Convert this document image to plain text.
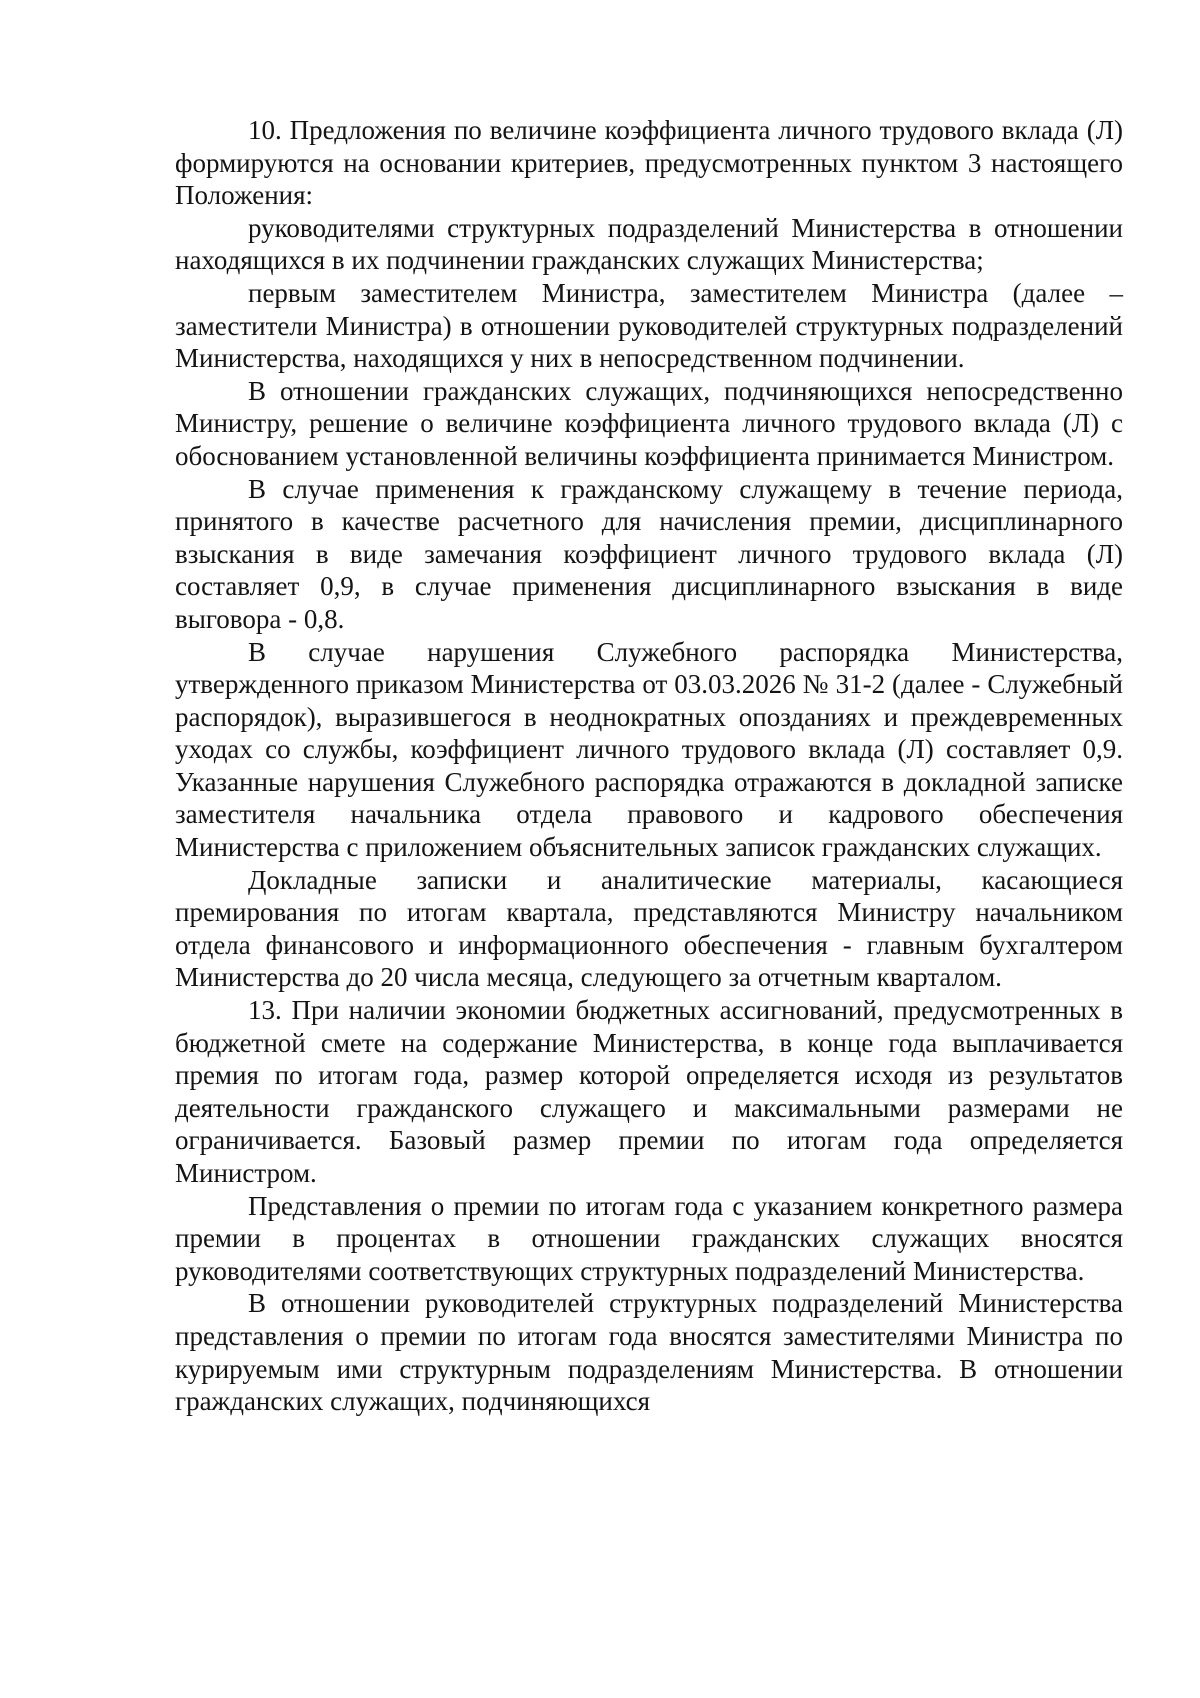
10. Предложения по величине коэффициента личного трудового вклада (Л) формируются на основании критериев, предусмотренных пунктом 3 настоящего Положения:

руководителями структурных подразделений Министерства в отношении находящихся в их подчинении гражданских служащих Министерства;

первым заместителем Министра, заместителем Министра (далее – заместители Министра) в отношении руководителей структурных подразделений Министерства, находящихся у них в непосредственном подчинении.

В отношении гражданских служащих, подчиняющихся непосредственно Министру, решение о величине коэффициента личного трудового вклада (Л) с обоснованием установленной величины коэффициента принимается Министром.

В случае применения к гражданскому служащему в течение периода, принятого в качестве расчетного для начисления премии, дисциплинарного взыскания в виде замечания коэффициент личного трудового вклада (Л) составляет 0,9, в случае применения дисциплинарного взыскания в виде выговора - 0,8.

В случае нарушения Служебного распорядка Министерства, утвержденного приказом Министерства от 03.03.2026 № 31-2 (далее - Служебный распорядок), выразившегося в неоднократных опозданиях и преждевременных уходах со службы, коэффициент личного трудового вклада (Л) составляет 0,9. Указанные нарушения Служебного распорядка отражаются в докладной записке заместителя начальника отдела правового и кадрового обеспечения Министерства с приложением объяснительных записок гражданских служащих.

Докладные записки и аналитические материалы, касающиеся премирования по итогам квартала, представляются Министру начальником отдела финансового и информационного обеспечения - главным бухгалтером Министерства до 20 числа месяца, следующего за отчетным кварталом.

13. При наличии экономии бюджетных ассигнований, предусмотренных в бюджетной смете на содержание Министерства, в конце года выплачивается премия по итогам года, размер которой определяется исходя из результатов деятельности гражданского служащего и максимальными размерами не ограничивается. Базовый размер премии по итогам года определяется Министром.

Представления о премии по итогам года с указанием конкретного размера премии в процентах в отношении гражданских служащих вносятся руководителями соответствующих структурных подразделений Министерства.

В отношении руководителей структурных подразделений Министерства представления о премии по итогам года вносятся заместителями Министра по курируемым ими структурным подразделениям Министерства. В отношении гражданских служащих, подчиняющихся
